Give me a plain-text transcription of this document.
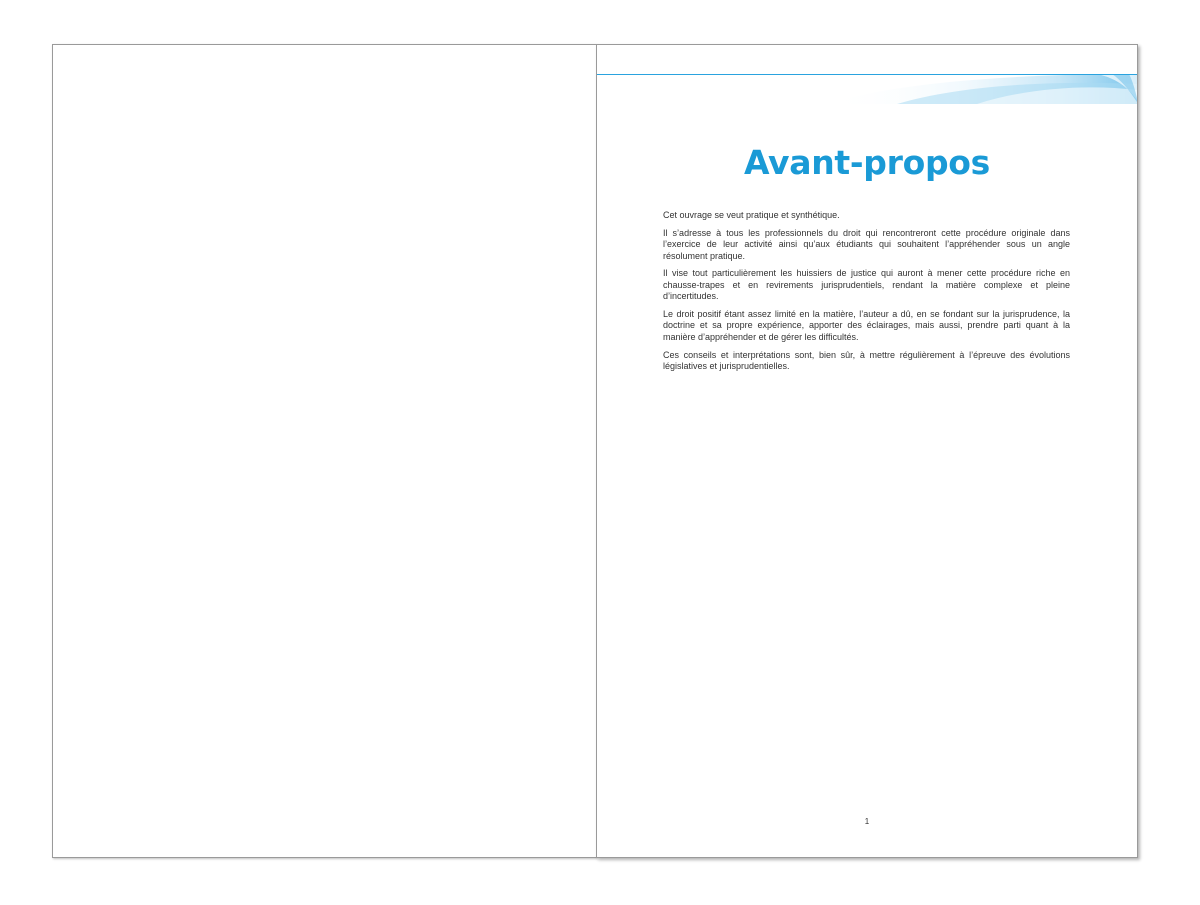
Avant-propos

Cet ouvrage se veut pratique et synthétique.

Il s’adresse à tous les professionnels du droit qui rencontreront cette procédure originale dans l’exercice de leur activité ainsi qu’aux étudiants qui souhaitent l’appréhender sous un angle résolument pratique.

Il vise tout particulièrement les huissiers de justice qui auront à mener cette procédure riche en chausse-trapes et en revirements jurisprudentiels, rendant la matière complexe et pleine d’incertitudes.

Le droit positif étant assez limité en la matière, l’auteur a dû, en se fondant sur la jurisprudence, la doctrine et sa propre expérience, apporter des éclairages, mais aussi, prendre parti quant à la manière d’appréhender et de gérer les difficultés.

Ces conseils et interprétations sont, bien sûr, à mettre régulièrement à l’épreuve des évolutions législatives et jurisprudentielles.

1
